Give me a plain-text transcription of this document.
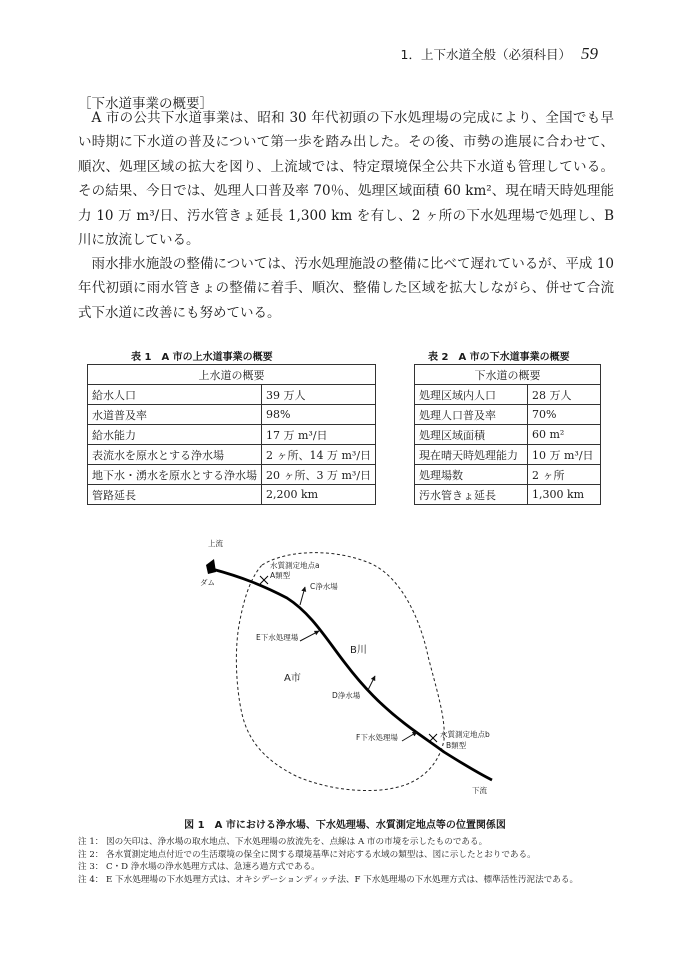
1．上下水道全般（必須科目） 59
［下水道事業の概要］

A 市の公共下水道事業は、昭和 30 年代初頭の下水処理場の完成により、全国でも早い時期に下水道の普及について第一歩を踏み出した。その後、市勢の進展に合わせて、順次、処理区域の拡大を図り、上流域では、特定環境保全公共下水道も管理している。その結果、今日では、処理人口普及率 70％、処理区域面積 60 km²、現在晴天時処理能力 10 万 m³/日、汚水管きょ延長 1,300 km を有し、2 ヶ所の下水処理場で処理し、B 川に放流している。

雨水排水施設の整備については、汚水処理施設の整備に比べて遅れているが、平成 10 年代初頭に雨水管きょの整備に着手、順次、整備した区域を拡大しながら、併せて合流式下水道に改善にも努めている。

表 1　A 市の上水道事業の概要
上水道の概要	
給水人口	39 万人
水道普及率	98%
給水能力	17 万 m³/日
表流水を原水とする浄水場	2 ヶ所、14 万 m³/日
地下水・湧水を原水とする浄水場	20 ヶ所、3 万 m³/日
管路延長	2,200 km
表 2　A 市の下水道事業の概要
下水道の概要	
処理区域内人口	28 万人
処理人口普及率	70%
処理区域面積	60 m²
現在晴天時処理能力	10 万 m³/日
処理場数	2 ヶ所
汚水管きょ延長	1,300 km
上流
ダム
水質測定地点a
A類型
C浄水場
E下水処理場
B川
A市
D浄水場
F下水処理場	水質測定地点b
B類型
下流
図 1　A 市における浄水場、下水処理場、水質測定地点等の位置関係図
注 1： 図の矢印は、浄水場の取水地点、下水処理場の放流先を、点線は A 市の市境を示したものである。
注 2： 各水質測定地点付近での生活環境の保全に関する環境基準に対応する水域の類型は、図に示したとおりである。
注 3： C・D 浄水場の浄水処理方式は、急速ろ過方式である。
注 4： E 下水処理場の下水処理方式は、オキシデーションディッチ法、F 下水処理場の下水処理方式は、標準活性汚泥法である。
